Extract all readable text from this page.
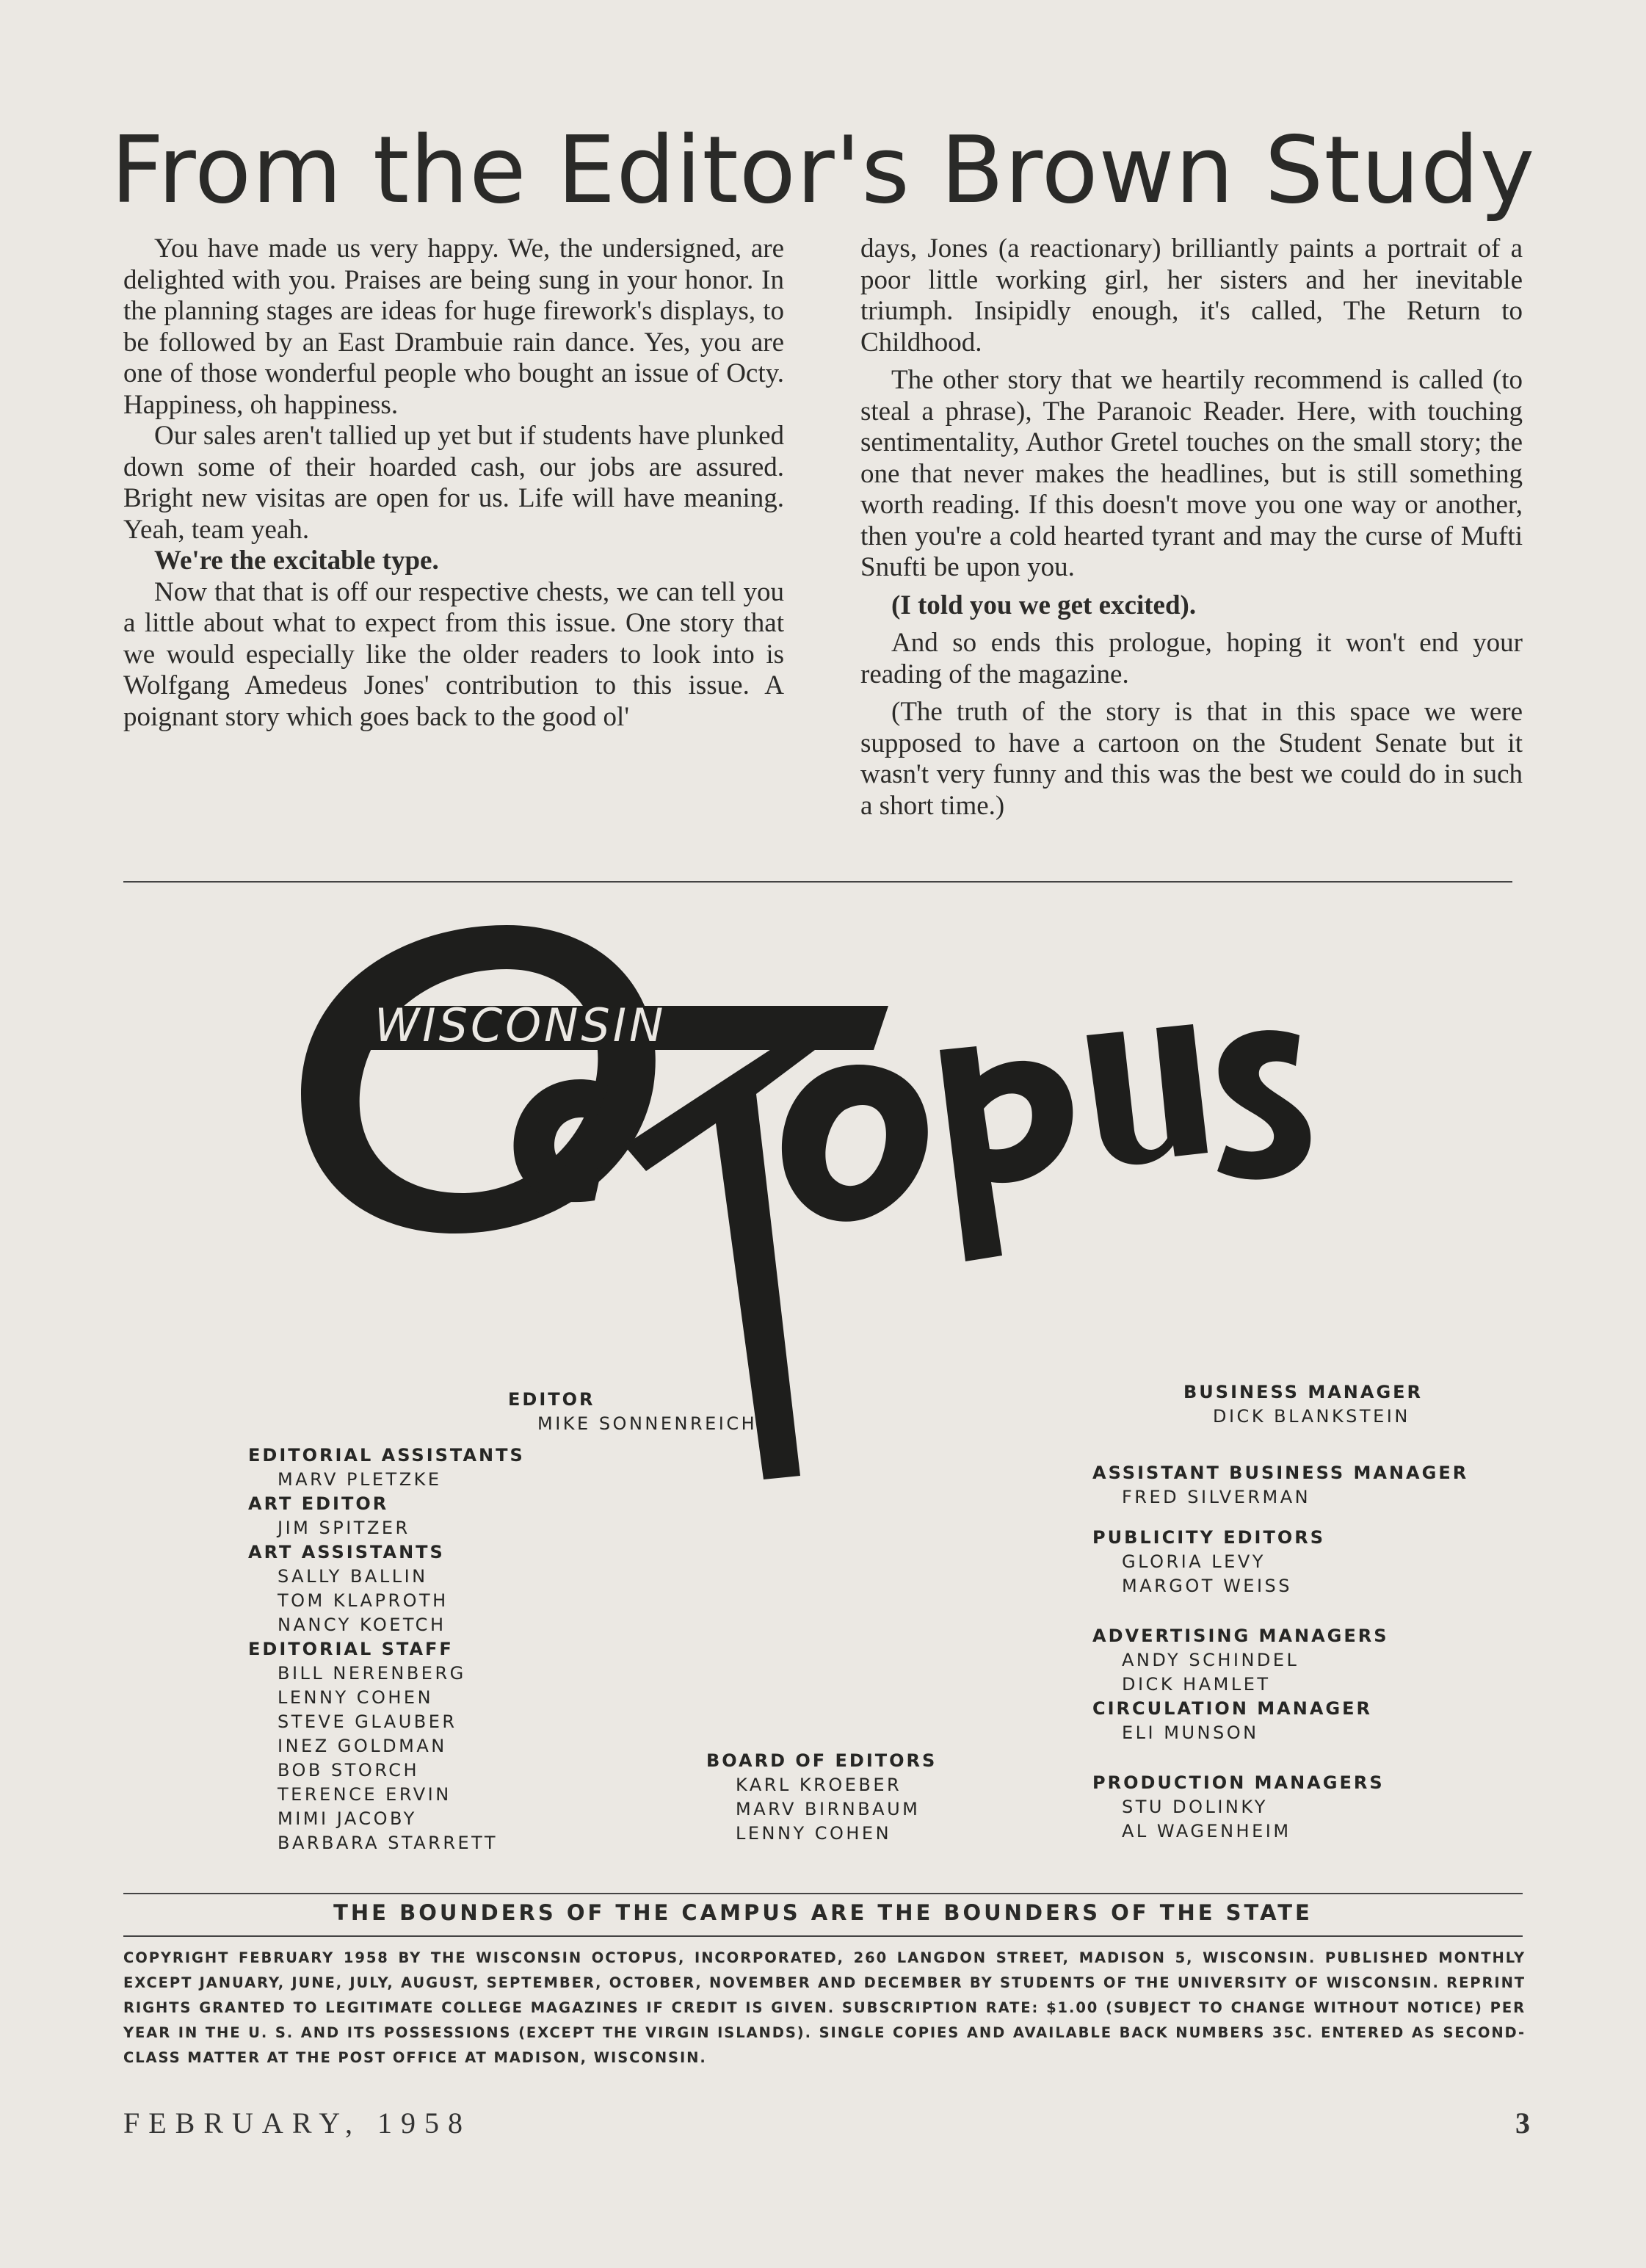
From the Editor's Brown Study

You have made us very happy. We, the undersigned, are delighted with you. Praises are being sung in your honor. In the planning stages are ideas for huge firework's displays, to be followed by an East Drambuie rain dance. Yes, you are one of those wonderful people who bought an issue of Octy. Happiness, oh happiness.

Our sales aren't tallied up yet but if students have plunked down some of their hoarded cash, our jobs are assured. Bright new visitas are open for us. Life will have meaning. Yeah, team yeah.

We're the excitable type.

Now that that is off our respective chests, we can tell you a little about what to expect from this issue. One story that we would especially like the older readers to look into is Wolfgang Amedeus Jones' contribution to this issue. A poignant story which goes back to the good ol'

days, Jones (a reactionary) brilliantly paints a portrait of a poor little working girl, her sisters and her inevitable triumph. Insipidly enough, it's called, The Return to Childhood.

The other story that we heartily recommend is called (to steal a phrase), The Paranoic Reader. Here, with touching sentimentality, Author Gretel touches on the small story; the one that never makes the headlines, but is still something worth reading. If this doesn't move you one way or another, then you're a cold hearted tyrant and may the curse of Mufti Snufti be upon you.

(I told you we get excited).

And so ends this prologue, hoping it won't end your reading of the magazine.

(The truth of the story is that in this space we were supposed to have a cartoon on the Student Senate but it wasn't very funny and this was the best we could do in such a short time.)

WISCONSIN
EDITOR
MIKE SONNENREICH
EDITORIAL ASSISTANTS
MARV PLETZKE
ART EDITOR
JIM SPITZER
ART ASSISTANTS
SALLY BALLIN
TOM KLAPROTH
NANCY KOETCH
EDITORIAL STAFF
BILL NERENBERG
LENNY COHEN
STEVE GLAUBER
INEZ GOLDMAN
BOB STORCH
TERENCE ERVIN
MIMI JACOBY
BARBARA STARRETT
BOARD OF EDITORS
KARL KROEBER
MARV BIRNBAUM
LENNY COHEN
BUSINESS MANAGER
DICK BLANKSTEIN
ASSISTANT BUSINESS MANAGER
FRED SILVERMAN
PUBLICITY EDITORS
GLORIA LEVY
MARGOT WEISS
ADVERTISING MANAGERS
ANDY SCHINDEL
DICK HAMLET
CIRCULATION MANAGER
ELI MUNSON
PRODUCTION MANAGERS
STU DOLINKY
AL WAGENHEIM
THE BOUNDERS OF THE CAMPUS ARE THE BOUNDERS OF THE STATE
COPYRIGHT FEBRUARY 1958 BY THE WISCONSIN OCTOPUS, INCORPORATED, 260 LANGDON STREET, MADISON 5, WISCONSIN. PUBLISHED MONTHLY EXCEPT JANUARY, JUNE, JULY, AUGUST, SEPTEMBER, OCTOBER, NOVEMBER AND DECEMBER BY STUDENTS OF THE UNIVERSITY OF WISCONSIN. REPRINT RIGHTS GRANTED TO LEGITIMATE COLLEGE MAGAZINES IF CREDIT IS GIVEN. SUBSCRIPTION RATE: $1.00 (SUBJECT TO CHANGE WITHOUT NOTICE) PER YEAR IN THE U. S. AND ITS POSSESSIONS (EXCEPT THE VIRGIN ISLANDS). SINGLE COPIES AND AVAILABLE BACK NUMBERS 35C. ENTERED AS SECOND-CLASS MATTER AT THE POST OFFICE AT MADISON, WISCONSIN.
FEBRUARY, 1958	3
